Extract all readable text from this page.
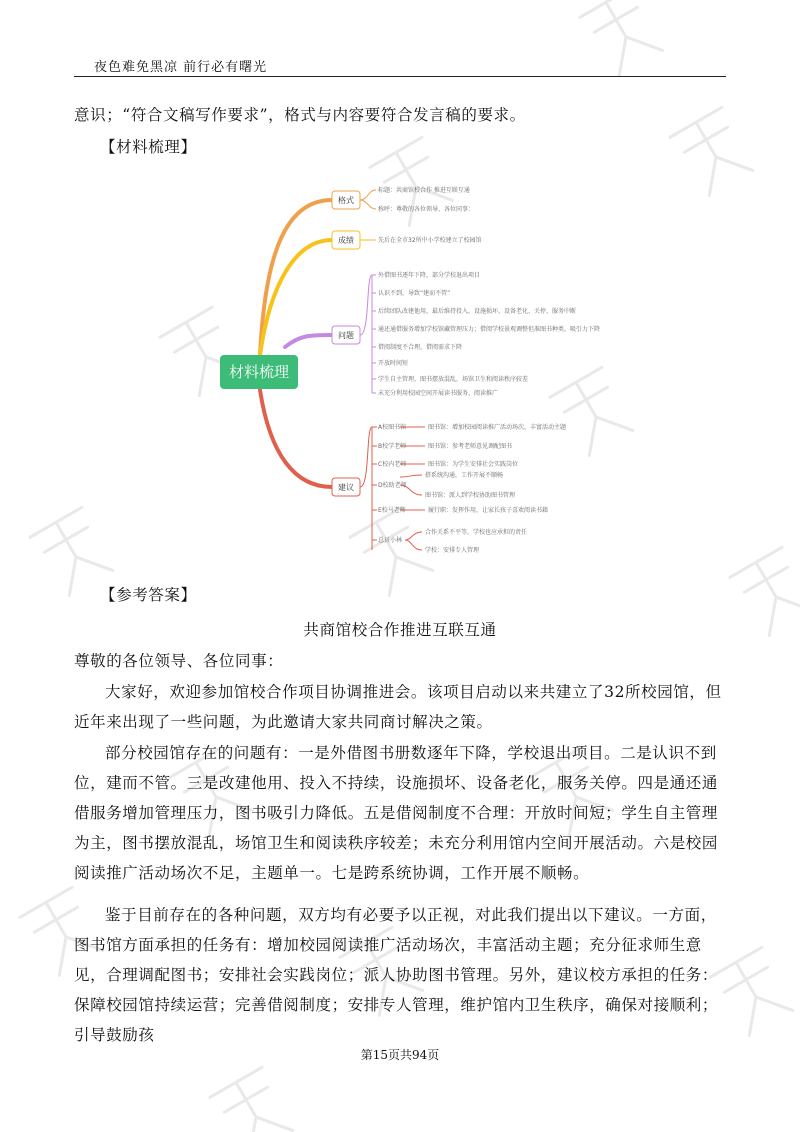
夜色难免黑凉 前行必有曙光

意识；“符合文稿写作要求”，格式与内容要符合发言稿的要求。

【材料梳理】

材料梳理
格式
成绩
问题
建议
标题：共商馆校合作 推进互联互通
称呼：尊敬的各位领导、各位同事：
先后在全市32所中小学校建立了校园馆
外借图书逐年下降，部分学校退出项目
认识不到，导致“建而不管”
后续团队改建他用，最后维持投入，设施损坏、设备老化、关停、服务中断
通还通借服务增加学校馆藏管理压力；借阅学校景观调整但准图书种类，吸引力下降
借阅制度不合理，借阅需求下降
开放时间短
学生自主管理，图书摆放混乱，场馆卫生和阅读秩序较差
未充分利用校园空间开展读书服务、阅读推广
A校图书馆	图书馆：增加校园阅读推广活动场次，丰富活动主题
B校学老师	图书馆：参考老师意见调配图书
C校内老师	图书馆：为学生安排社会实践岗位
D校助老师
搭系统沟通，工作开展不顺畅
图书馆：派人到学校协助图书管理
E校马老师	履行职：发挥作用，让家长孩子喜欢阅读书籍
总员小林
合作关系不平等，学校也应承担的责任
学校：安排专人管理

【参考答案】

共商馆校合作推进互联互通

尊敬的各位领导、各位同事：

大家好，欢迎参加馆校合作项目协调推进会。该项目启动以来共建立了32所校园馆，但近年来出现了一些问题，为此邀请大家共同商讨解决之策。

部分校园馆存在的问题有：一是外借图书册数逐年下降，学校退出项目。二是认识不到位，建而不管。三是改建他用、投入不持续，设施损坏、设备老化，服务关停。四是通还通借服务增加管理压力，图书吸引力降低。五是借阅制度不合理：开放时间短；学生自主管理为主，图书摆放混乱，场馆卫生和阅读秩序较差；未充分利用馆内空间开展活动。六是校园阅读推广活动场次不足，主题单一。七是跨系统协调，工作开展不顺畅。

鉴于目前存在的各种问题，双方均有必要予以正视，对此我们提出以下建议。一方面，图书馆方面承担的任务有：增加校园阅读推广活动场次，丰富活动主题；充分征求师生意见，合理调配图书；安排社会实践岗位；派人协助图书管理。另外，建议校方承担的任务：保障校园馆持续运营；完善借阅制度；安排专人管理，维护馆内卫生秩序，确保对接顺利；引导鼓励孩

第15页共94页
